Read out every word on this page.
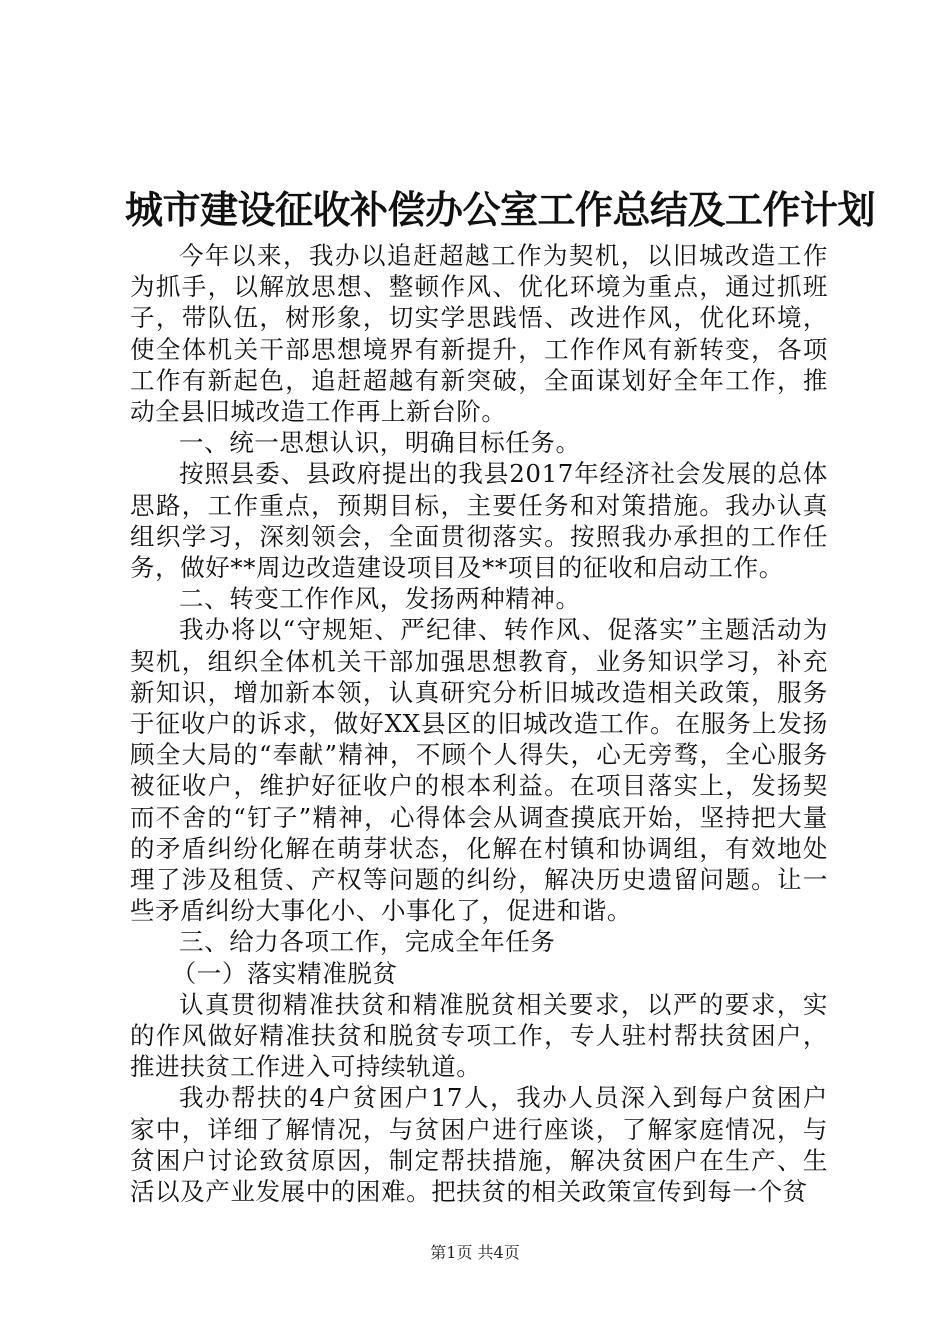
城市建设征收补偿办公室工作总结及工作计划

今年以来，我办以追赶超越工作为契机，以旧城改造工作为抓手，以解放思想、整顿作风、优化环境为重点，通过抓班子，带队伍，树形象，切实学思践悟、改进作风，优化环境，使全体机关干部思想境界有新提升，工作作风有新转变，各项工作有新起色，追赶超越有新突破，全面谋划好全年工作，推动全县旧城改造工作再上新台阶。

一、统一思想认识，明确目标任务。

按照县委、县政府提出的我县2017年经济社会发展的总体思路，工作重点，预期目标，主要任务和对策措施。我办认真组织学习，深刻领会，全面贯彻落实。按照我办承担的工作任务，做好**周边改造建设项目及**项目的征收和启动工作。

二、转变工作作风，发扬两种精神。

我办将以“守规矩、严纪律、转作风、促落实”主题活动为契机，组织全体机关干部加强思想教育，业务知识学习，补充新知识，增加新本领，认真研究分析旧城改造相关政策，服务于征收户的诉求，做好XX县区的旧城改造工作。在服务上发扬顾全大局的“奉献”精神，不顾个人得失，心无旁骛，全心服务被征收户，维护好征收户的根本利益。在项目落实上，发扬契而不舍的“钉子”精神，心得体会从调查摸底开始，坚持把大量的矛盾纠纷化解在萌芽状态，化解在村镇和协调组，有效地处理了涉及租赁、产权等问题的纠纷，解决历史遗留问题。让一些矛盾纠纷大事化小、小事化了，促进和谐。

三、给力各项工作，完成全年任务

（一）落实精准脱贫

认真贯彻精准扶贫和精准脱贫相关要求，以严的要求，实的作风做好精准扶贫和脱贫专项工作，专人驻村帮扶贫困户，推进扶贫工作进入可持续轨道。

我办帮扶的4户贫困户17人，我办人员深入到每户贫困户家中，详细了解情况，与贫困户进行座谈，了解家庭情况，与贫困户讨论致贫原因，制定帮扶措施，解决贫困户在生产、生活以及产业发展中的困难。把扶贫的相关政策宣传到每一个贫

第1页 共4页
